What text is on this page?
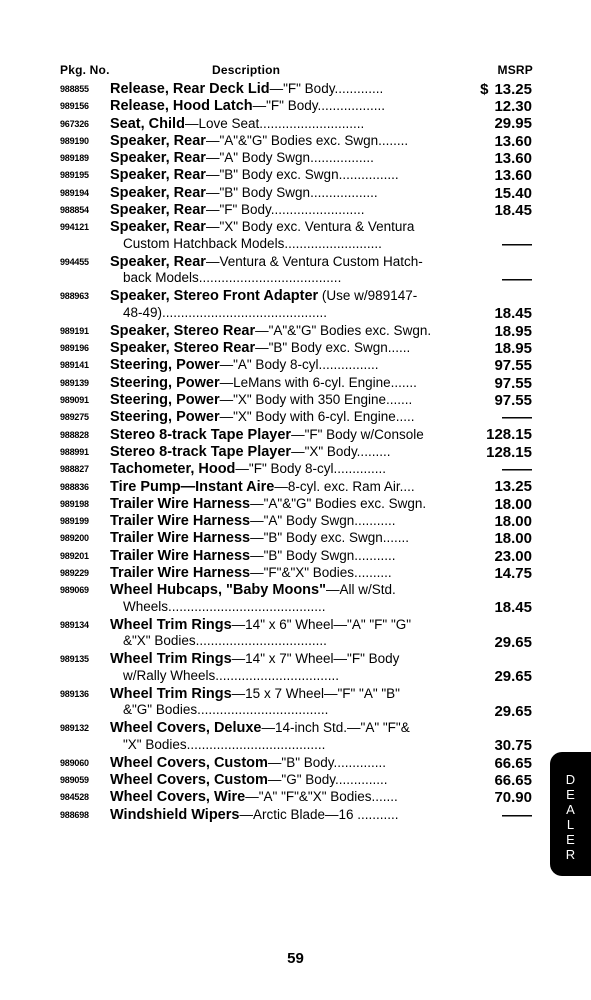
Pkg. No.	Description	MSRP
988855 Release, Rear Deck Lid—"F" Body.............	$ 13.25
989156 Release, Hood Latch—"F" Body..................	12.30
967326 Seat, Child—Love Seat............................	29.95
989190 Speaker, Rear—"A"&"G" Bodies exc. Swgn........	13.60
989189 Speaker, Rear—"A" Body Swgn.................	13.60
989195 Speaker, Rear—"B" Body exc. Swgn................	13.60
989194 Speaker, Rear—"B" Body Swgn..................	15.40
988854 Speaker, Rear—"F" Body.........................	18.45
994121 Speaker, Rear—"X" Body exc. Ventura & Ventura
Custom Hatchback Models..........................	——
994455 Speaker, Rear—Ventura & Ventura Custom Hatch-
back Models......................................	——
988963 Speaker, Stereo Front Adapter (Use w/989147-
48-49)............................................	18.45
989191 Speaker, Stereo Rear—"A"&"G" Bodies exc. Swgn.	18.95
989196 Speaker, Stereo Rear—"B" Body exc. Swgn......	18.95
989141 Steering, Power—"A" Body 8-cyl................	97.55
989139 Steering, Power—LeMans with 6-cyl. Engine.......	97.55
989091 Steering, Power—"X" Body with 350 Engine.......	97.55
989275 Steering, Power—"X" Body with 6-cyl. Engine.....	——
988828 Stereo 8-track Tape Player—"F" Body w/Console	128.15
988991 Stereo 8-track Tape Player—"X" Body.........	128.15
988827 Tachometer, Hood—"F" Body 8-cyl..............	——
988836 Tire Pump—Instant Aire—8-cyl. exc. Ram Air....	13.25
989198 Trailer Wire Harness—"A"&"G" Bodies exc. Swgn.	18.00
989199 Trailer Wire Harness—"A" Body Swgn...........	18.00
989200 Trailer Wire Harness—"B" Body exc. Swgn.......	18.00
989201 Trailer Wire Harness—"B" Body Swgn...........	23.00
989229 Trailer Wire Harness—"F"&"X" Bodies..........	14.75
989069 Wheel Hubcaps, "Baby Moons"—All w/Std.
Wheels..........................................	18.45
989134 Wheel Trim Rings—14" x 6" Wheel—"A" "F" "G"
&"X" Bodies...................................	29.65
989135 Wheel Trim Rings—14" x 7" Wheel—"F" Body
w/Rally Wheels.................................	29.65
989136 Wheel Trim Rings—15 x 7 Wheel—"F" "A" "B"
&"G" Bodies...................................	29.65
989132 Wheel Covers, Deluxe—14-inch Std.—"A" "F"&
"X" Bodies.....................................	30.75
989060 Wheel Covers, Custom—"B" Body..............	66.65
989059 Wheel Covers, Custom—"G" Body..............	66.65
984528 Wheel Covers, Wire—"A" "F"&"X" Bodies.......	70.90
988698 Windshield Wipers—Arctic Blade—16 ...........	——
D
E
A
L
E
R
59
